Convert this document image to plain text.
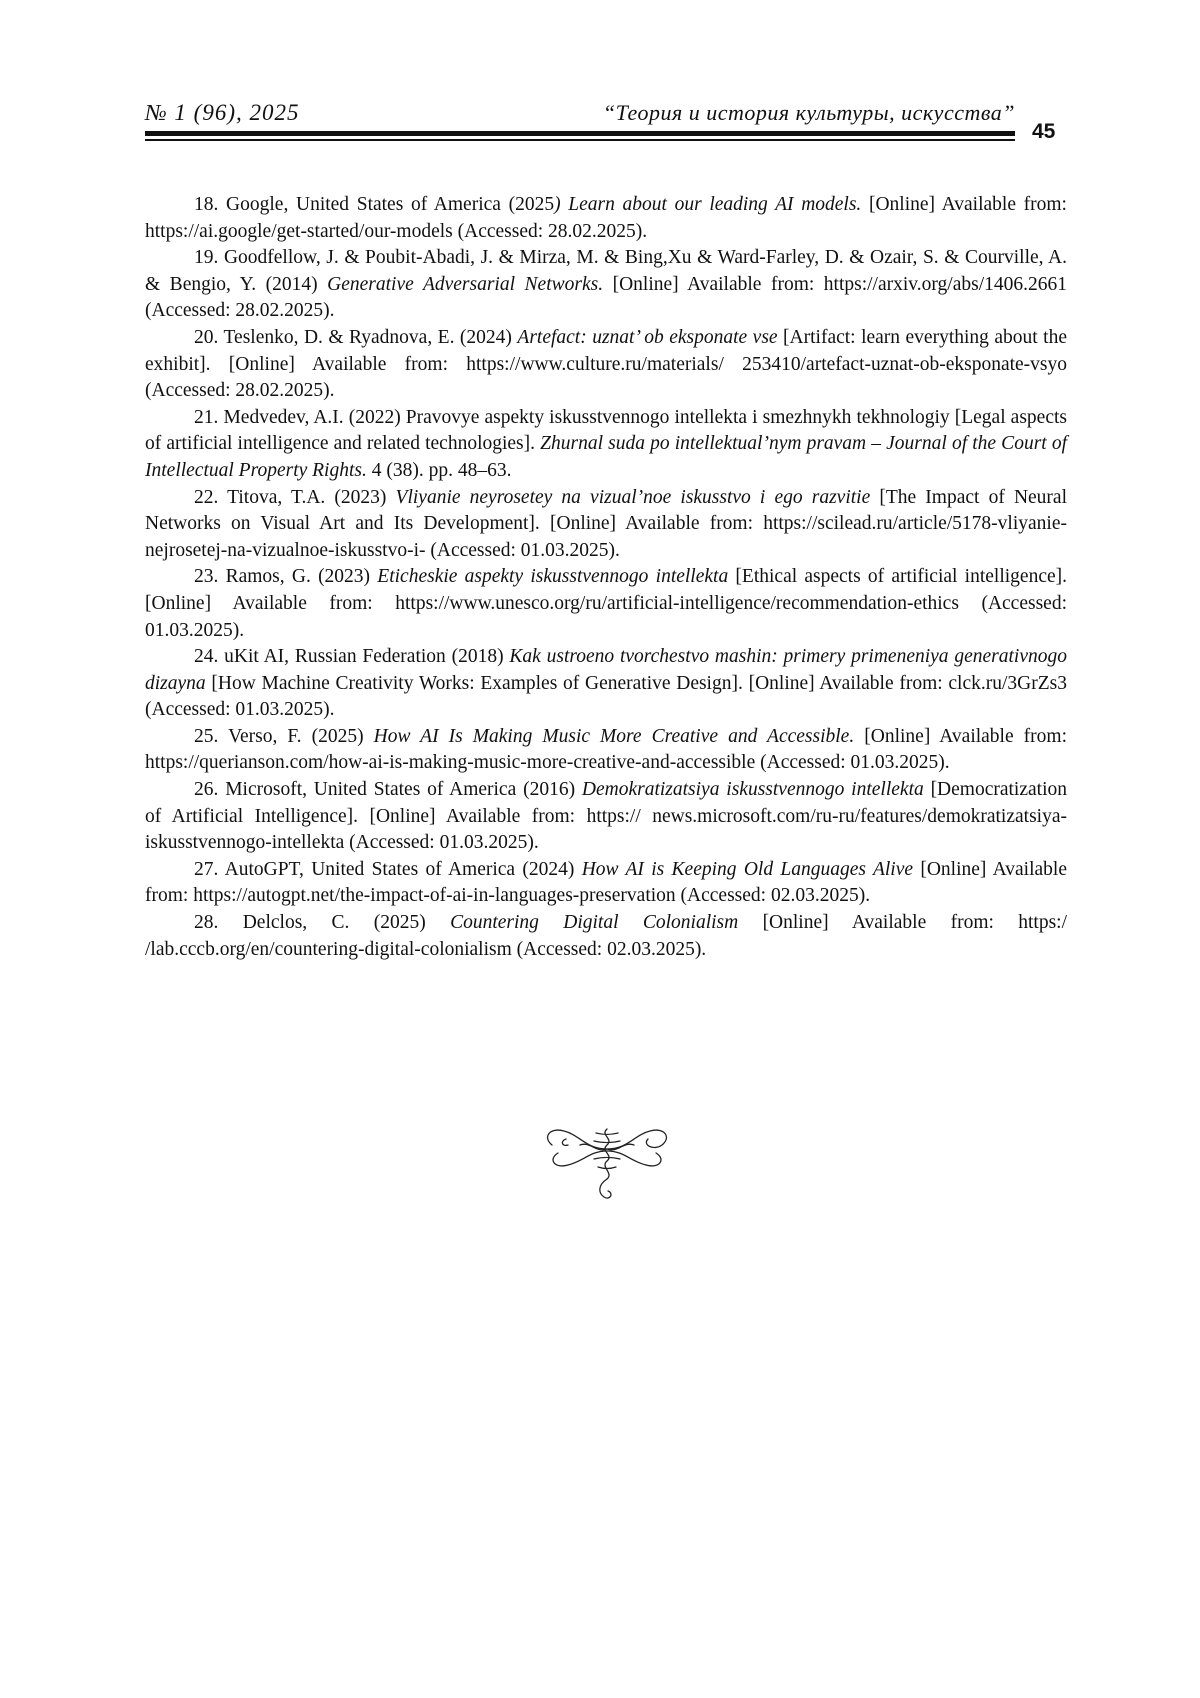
№ 1 (96), 2025	“Теория и история культуры, искусства”
45

18. Google, United States of America (2025) Learn about our leading AI models. [Online] Available from: https://ai.google/get-started/our-models (Accessed: 28.02.2025).

19. Goodfellow, J. & Poubit-Abadi, J. & Mirza, M. & Bing,Xu & Ward-Farley, D. & Ozair, S. & Courville, A. & Bengio, Y. (2014) Generative Adversarial Networks. [Online] Available from: https://arxiv.org/abs/1406.2661 (Accessed: 28.02.2025).

20. Teslenko, D. & Ryadnova, E. (2024) Artefact: uznat’ ob eksponate vse [Artifact: learn everything about the exhibit]. [Online] Available from: https://www.culture.ru/materials/ 253410/artefact-uznat-ob-eksponate-vsyo (Accessed: 28.02.2025).

21. Medvedev, A.I. (2022) Pravovye aspekty iskusstvennogo intellekta i smezhnykh tekhnologiy [Legal aspects of artificial intelligence and related technologies]. Zhurnal suda po intellektual’nym pravam – Journal of the Court of Intellectual Property Rights. 4 (38). pp. 48–63.

22. Titova, T.A. (2023) Vliyanie neyrosetey na vizual’noe iskusstvo i ego razvitie [The Impact of Neural Networks on Visual Art and Its Development]. [Online] Available from: https://scilead.ru/article/5178-vliyanie-nejrosetej-na-vizualnoe-iskusstvo-i- (Accessed: 01.03.2025).

23. Ramos, G. (2023) Eticheskie aspekty iskusstvennogo intellekta [Ethical aspects of artificial intelligence]. [Online] Available from: https://www.unesco.org/ru/artificial-intelligence/recommendation-ethics (Accessed: 01.03.2025).

24. uKit AI, Russian Federation (2018) Kak ustroeno tvorchestvo mashin: primery primeneniya generativnogo dizayna [How Machine Creativity Works: Examples of Generative Design]. [Online] Available from: clck.ru/3GrZs3 (Accessed: 01.03.2025).

25. Verso, F. (2025) How AI Is Making Music More Creative and Accessible. [Online] Available from: https://querianson.com/how-ai-is-making-music-more-creative-and-accessible (Accessed: 01.03.2025).

26. Microsoft, United States of America (2016) Demokratizatsiya iskusstvennogo intellekta [Democratization of Artificial Intelligence]. [Online] Available from: https:// news.microsoft.com/ru-ru/features/demokratizatsiya-iskusstvennogo-intellekta (Accessed: 01.03.2025).

27. AutoGPT, United States of America (2024) How AI is Keeping Old Languages Alive [Online] Available from: https://autogpt.net/the-impact-of-ai-in-languages-preservation (Accessed: 02.03.2025).

28. Delclos, C. (2025) Countering Digital Colonialism [Online] Available from: https:/ /lab.cccb.org/en/countering-digital-colonialism (Accessed: 02.03.2025).
